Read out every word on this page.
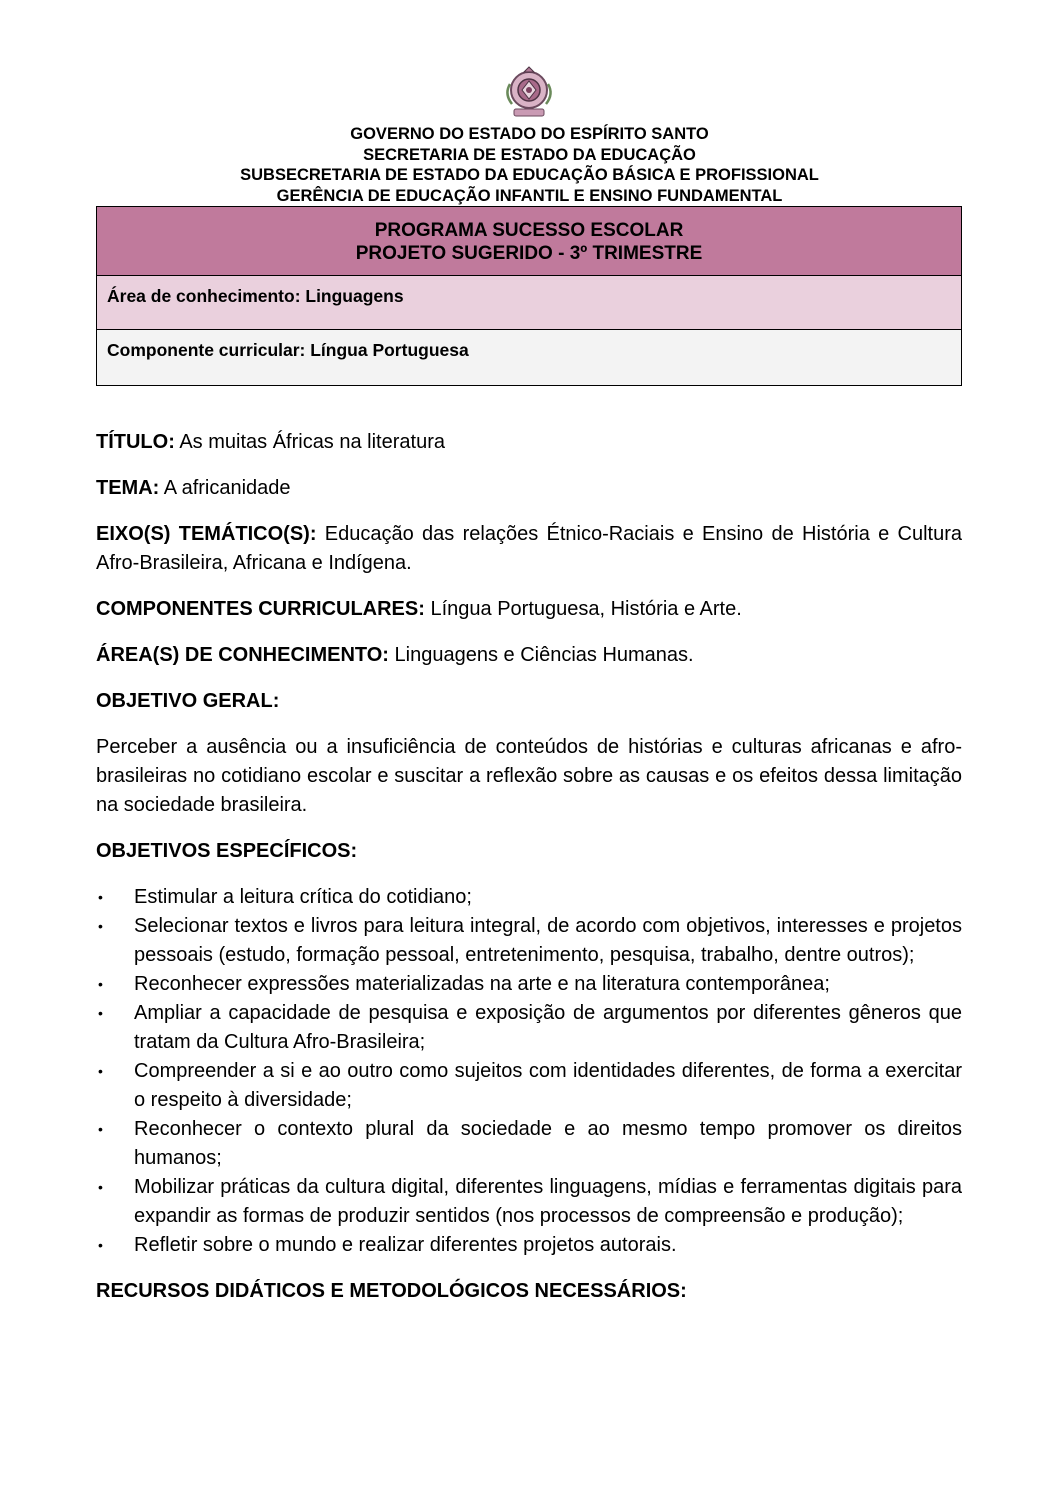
GOVERNO DO ESTADO DO ESPÍRITO SANTO
SECRETARIA DE ESTADO DA EDUCAÇÃO
SUBSECRETARIA DE ESTADO DA EDUCAÇÃO BÁSICA E PROFISSIONAL
GERÊNCIA DE EDUCAÇÃO INFANTIL E ENSINO FUNDAMENTAL
PROGRAMA SUCESSO ESCOLAR
PROJETO SUGERIDO - 3º TRIMESTRE
Área de conhecimento: Linguagens
Componente curricular: Língua Portuguesa

TÍTULO: As muitas Áfricas na literatura

TEMA: A africanidade

EIXO(S) TEMÁTICO(S): Educação das relações Étnico-Raciais e Ensino de História e Cultura Afro-Brasileira, Africana e Indígena.

COMPONENTES CURRICULARES: Língua Portuguesa, História e Arte.

ÁREA(S) DE CONHECIMENTO: Linguagens e Ciências Humanas.

OBJETIVO GERAL:

Perceber a ausência ou a insuficiência de conteúdos de histórias e culturas africanas e afro-brasileiras no cotidiano escolar e suscitar a reflexão sobre as causas e os efeitos dessa limitação na sociedade brasileira.

OBJETIVOS ESPECÍFICOS:

• Estimular a leitura crítica do cotidiano;
• Selecionar textos e livros para leitura integral, de acordo com objetivos, interesses e projetos pessoais (estudo, formação pessoal, entretenimento, pesquisa, trabalho, dentre outros);
• Reconhecer expressões materializadas na arte e na literatura contemporânea;
• Ampliar a capacidade de pesquisa e exposição de argumentos por diferentes gêneros que tratam da Cultura Afro-Brasileira;
• Compreender a si e ao outro como sujeitos com identidades diferentes, de forma a exercitar o respeito à diversidade;
• Reconhecer o contexto plural da sociedade e ao mesmo tempo promover os direitos humanos;
• Mobilizar práticas da cultura digital, diferentes linguagens, mídias e ferramentas digitais para expandir as formas de produzir sentidos (nos processos de compreensão e produção);
• Refletir sobre o mundo e realizar diferentes projetos autorais.

RECURSOS DIDÁTICOS E METODOLÓGICOS NECESSÁRIOS:
